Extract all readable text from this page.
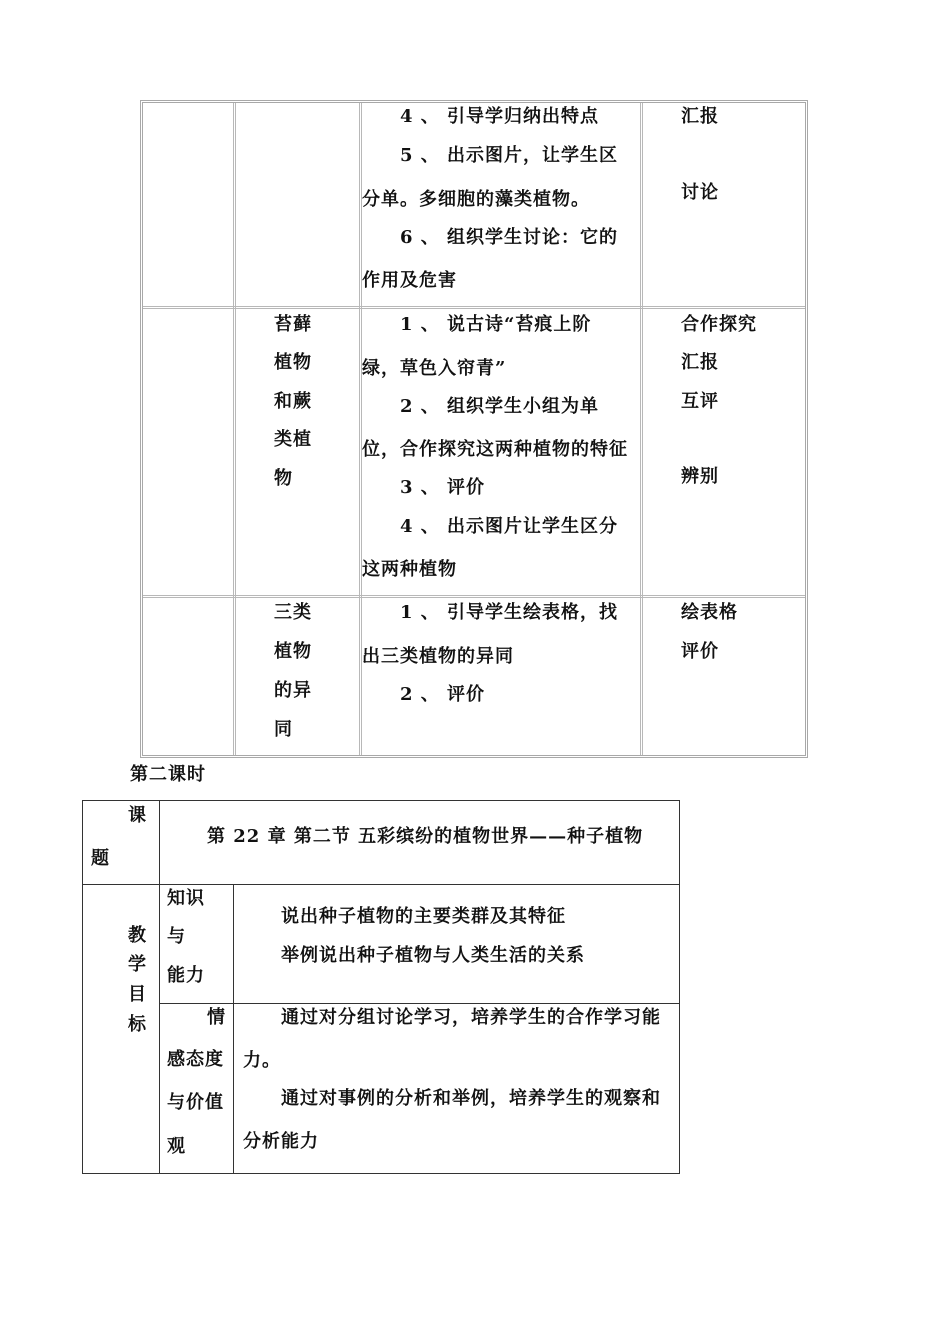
4 、 引导学归纳出特点
5 、 出示图片，让学生区
分单。多细胞的藻类植物。
6 、 组织学生讨论：它的
作用及危害
汇报
讨论
苔藓
植物
和蕨
类植
物
1 、 说古诗“苔痕上阶
绿，草色入帘青”
2 、 组织学生小组为单
位，合作探究这两种植物的特征
3 、 评价
4 、 出示图片让学生区分
这两种植物
合作探究
汇报
互评
辨别
三类
植物
的异
同
1 、 引导学生绘表格，找
出三类植物的异同
2 、 评价
绘表格
评价
第二课时
课
题
第 22 章 第二节 五彩缤纷的植物世界——种子植物
教
学
目
标
知识
与
能力
说出种子植物的主要类群及其特征
举例说出种子植物与人类生活的关系
情
感态度
与价值
观
通过对分组讨论学习，培养学生的合作学习能
力。
通过对事例的分析和举例，培养学生的观察和
分析能力
